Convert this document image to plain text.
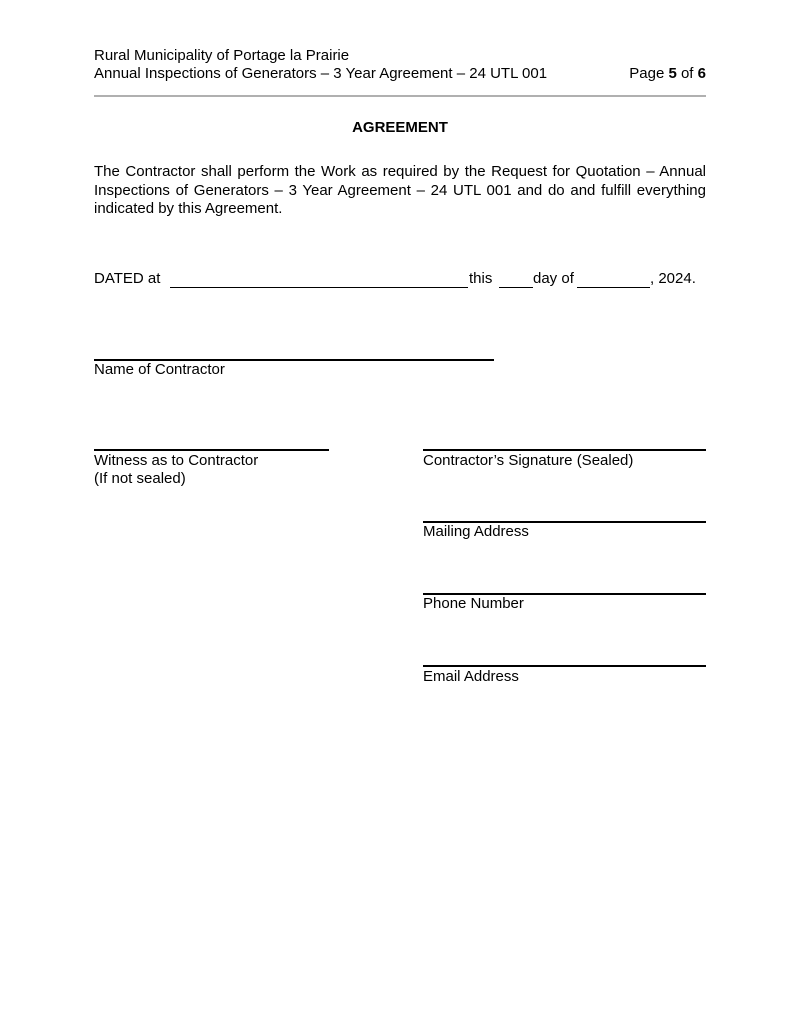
Rural Municipality of Portage la Prairie
Annual Inspections of Generators – 3 Year Agreement – 24 UTL 001	Page 5 of 6
AGREEMENT
The Contractor shall perform the Work as required by the Request for Quotation – Annual
Inspections of Generators – 3 Year Agreement – 24 UTL 001 and do and fulfill everything
indicated by this Agreement.
DATED at	this	day of	, 2024.
Name of Contractor
Witness as to Contractor
(If not sealed)
Contractor’s Signature (Sealed)
Mailing Address
Phone Number
Email Address
